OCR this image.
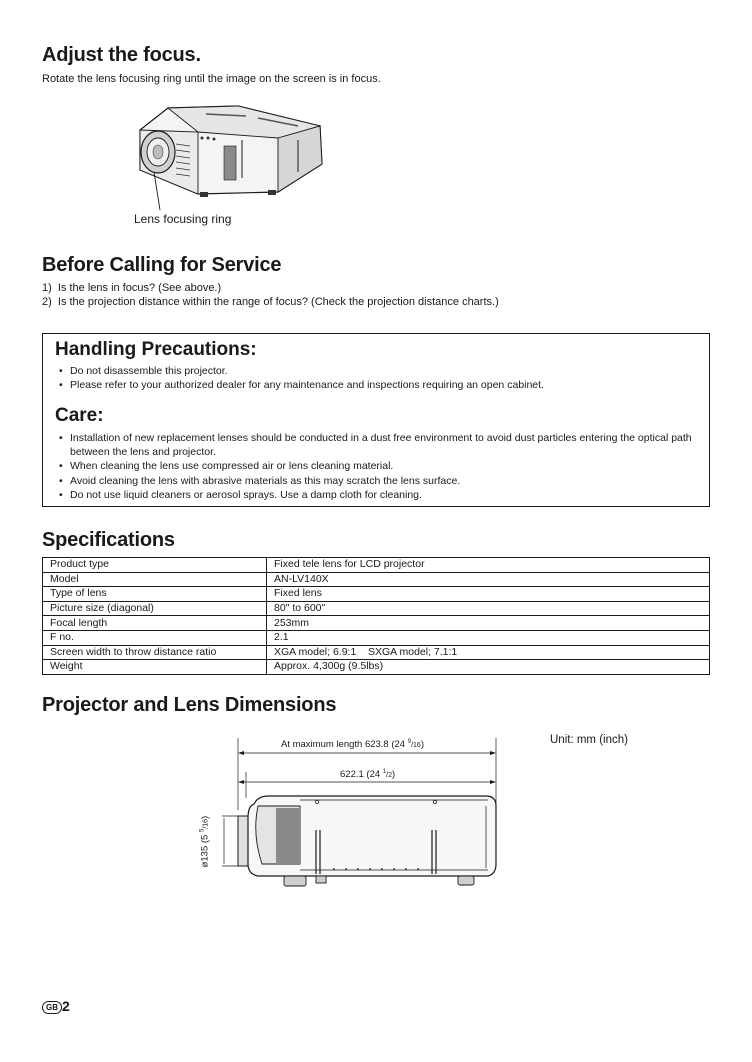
Adjust the focus.
Rotate the lens focusing ring until the image on the screen is in focus.
Lens focusing ring
Before Calling for Service
1)  Is the lens in focus? (See above.)
2)  Is the projection distance within the range of focus? (Check the projection distance charts.)
Handling Precautions:
• Do not disassemble this projector.
• Please refer to your authorized dealer for any maintenance and inspections requiring an open cabinet.
Care:
• Installation of new replacement lenses should be conducted in a dust free environment to avoid dust particles entering the optical path between the lens and projector.
• When cleaning the lens use compressed air or lens cleaning material.
• Avoid cleaning the lens with abrasive materials as this may scratch the lens surface.
• Do not use liquid cleaners or aerosol sprays. Use a damp cloth for cleaning.
Specifications
Product type	Fixed tele lens for LCD projector
Model	AN-LV140X
Type of lens	Fixed lens
Picture size (diagonal)	80" to 600"
Focal length	253mm
F no.	2.1
Screen width to throw distance ratio	XGA model; 6.9:1    SXGA model; 7.1:1
Weight	Approx. 4,300g (9.5lbs)
Projector and Lens Dimensions
Unit: mm (inch)
At maximum length 623.8 (24 $^9$/16)
622.1 (24 $^1$/2)
ø135 (5 $^5$/16)
GB 2
